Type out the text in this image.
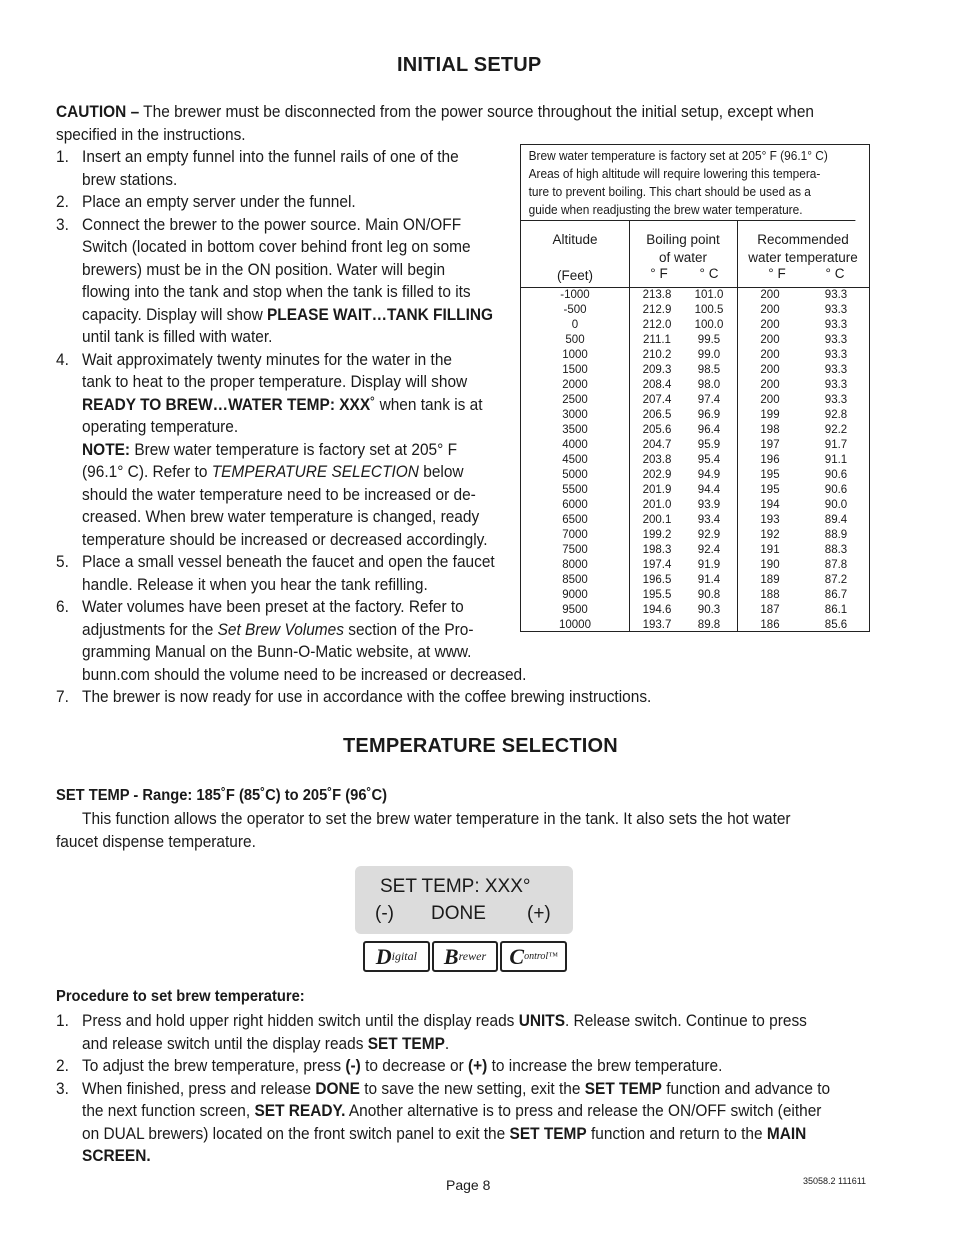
INITIAL SETUP
CAUTION – The brewer must be disconnected from the power source throughout the initial setup, except when
specified in the instructions.
1. Insert an empty funnel into the funnel rails of one of the
brew stations.
2. Place an empty server under the funnel.
3. Connect the brewer to the power source. Main ON/OFF
Switch (located in bottom cover behind front leg on some
brewers) must be in the ON position. Water will begin
flowing into the tank and stop when the tank is filled to its
capacity. Display will show PLEASE WAIT…TANK FILLING
until tank is filled with water.
4. Wait approximately twenty minutes for the water in the
tank to heat to the proper temperature. Display will show
READY TO BREW…WATER TEMP: XXX˚ when tank is at
operating temperature.
NOTE: Brew water temperature is factory set at 205° F
(96.1° C). Refer to TEMPERATURE SELECTION below
should the water temperature need to be increased or de-
creased. When brew water temperature is changed, ready
temperature should be increased or decreased accordingly.
5. Place a small vessel beneath the faucet and open the faucet
handle. Release it when you hear the tank refilling.
6. Water volumes have been preset at the factory. Refer to
adjustments for the Set Brew Volumes section of the Pro-
gramming Manual on the Bunn-O-Matic website, at www.
bunn.com should the volume need to be increased or decreased.
7. The brewer is now ready for use in accordance with the coffee brewing instructions.
Brew water temperature is factory set at 205° F (96.1° C)
Areas of high altitude will require lowering this tempera-
ture to prevent boiling. This chart should be used as a
guide when readjusting the brew water temperature.
Altitude
(Feet)
Boiling point
of water
° F	° C
Recommended
water temperature
° F	° C
-1000	213.8	101.0	200	93.3
-500	212.9	100.5	200	93.3
0	212.0	100.0	200	93.3
500	211.1	99.5	200	93.3
1000	210.2	99.0	200	93.3
1500	209.3	98.5	200	93.3
2000	208.4	98.0	200	93.3
2500	207.4	97.4	200	93.3
3000	206.5	96.9	199	92.8
3500	205.6	96.4	198	92.2
4000	204.7	95.9	197	91.7
4500	203.8	95.4	196	91.1
5000	202.9	94.9	195	90.6
5500	201.9	94.4	195	90.6
6000	201.0	93.9	194	90.0
6500	200.1	93.4	193	89.4
7000	199.2	92.9	192	88.9
7500	198.3	92.4	191	88.3
8000	197.4	91.9	190	87.8
8500	196.5	91.4	189	87.2
9000	195.5	90.8	188	86.7
9500	194.6	90.3	187	86.1
10000	193.7	89.8	186	85.6
TEMPERATURE SELECTION
SET TEMP - Range: 185˚F (85˚C) to 205˚F (96˚C)
This function allows the operator to set the brew water temperature in the tank. It also sets the hot water
faucet dispense temperature.
SET TEMP: XXX°
(-) DONE (+)
D igital B rewer C ontrol™
Procedure to set brew temperature:
1. Press and hold upper right hidden switch until the display reads UNITS. Release switch. Continue to press
and release switch until the display reads SET TEMP.
2. To adjust the brew temperature, press (-) to decrease or (+) to increase the brew temperature.
3. When finished, press and release DONE to save the new setting, exit the SET TEMP function and advance to
the next function screen, SET READY. Another alternative is to press and release the ON/OFF switch (either
on DUAL brewers) located on the front switch panel to exit the SET TEMP function and return to the MAIN
SCREEN.
Page 8	35058.2 111611
